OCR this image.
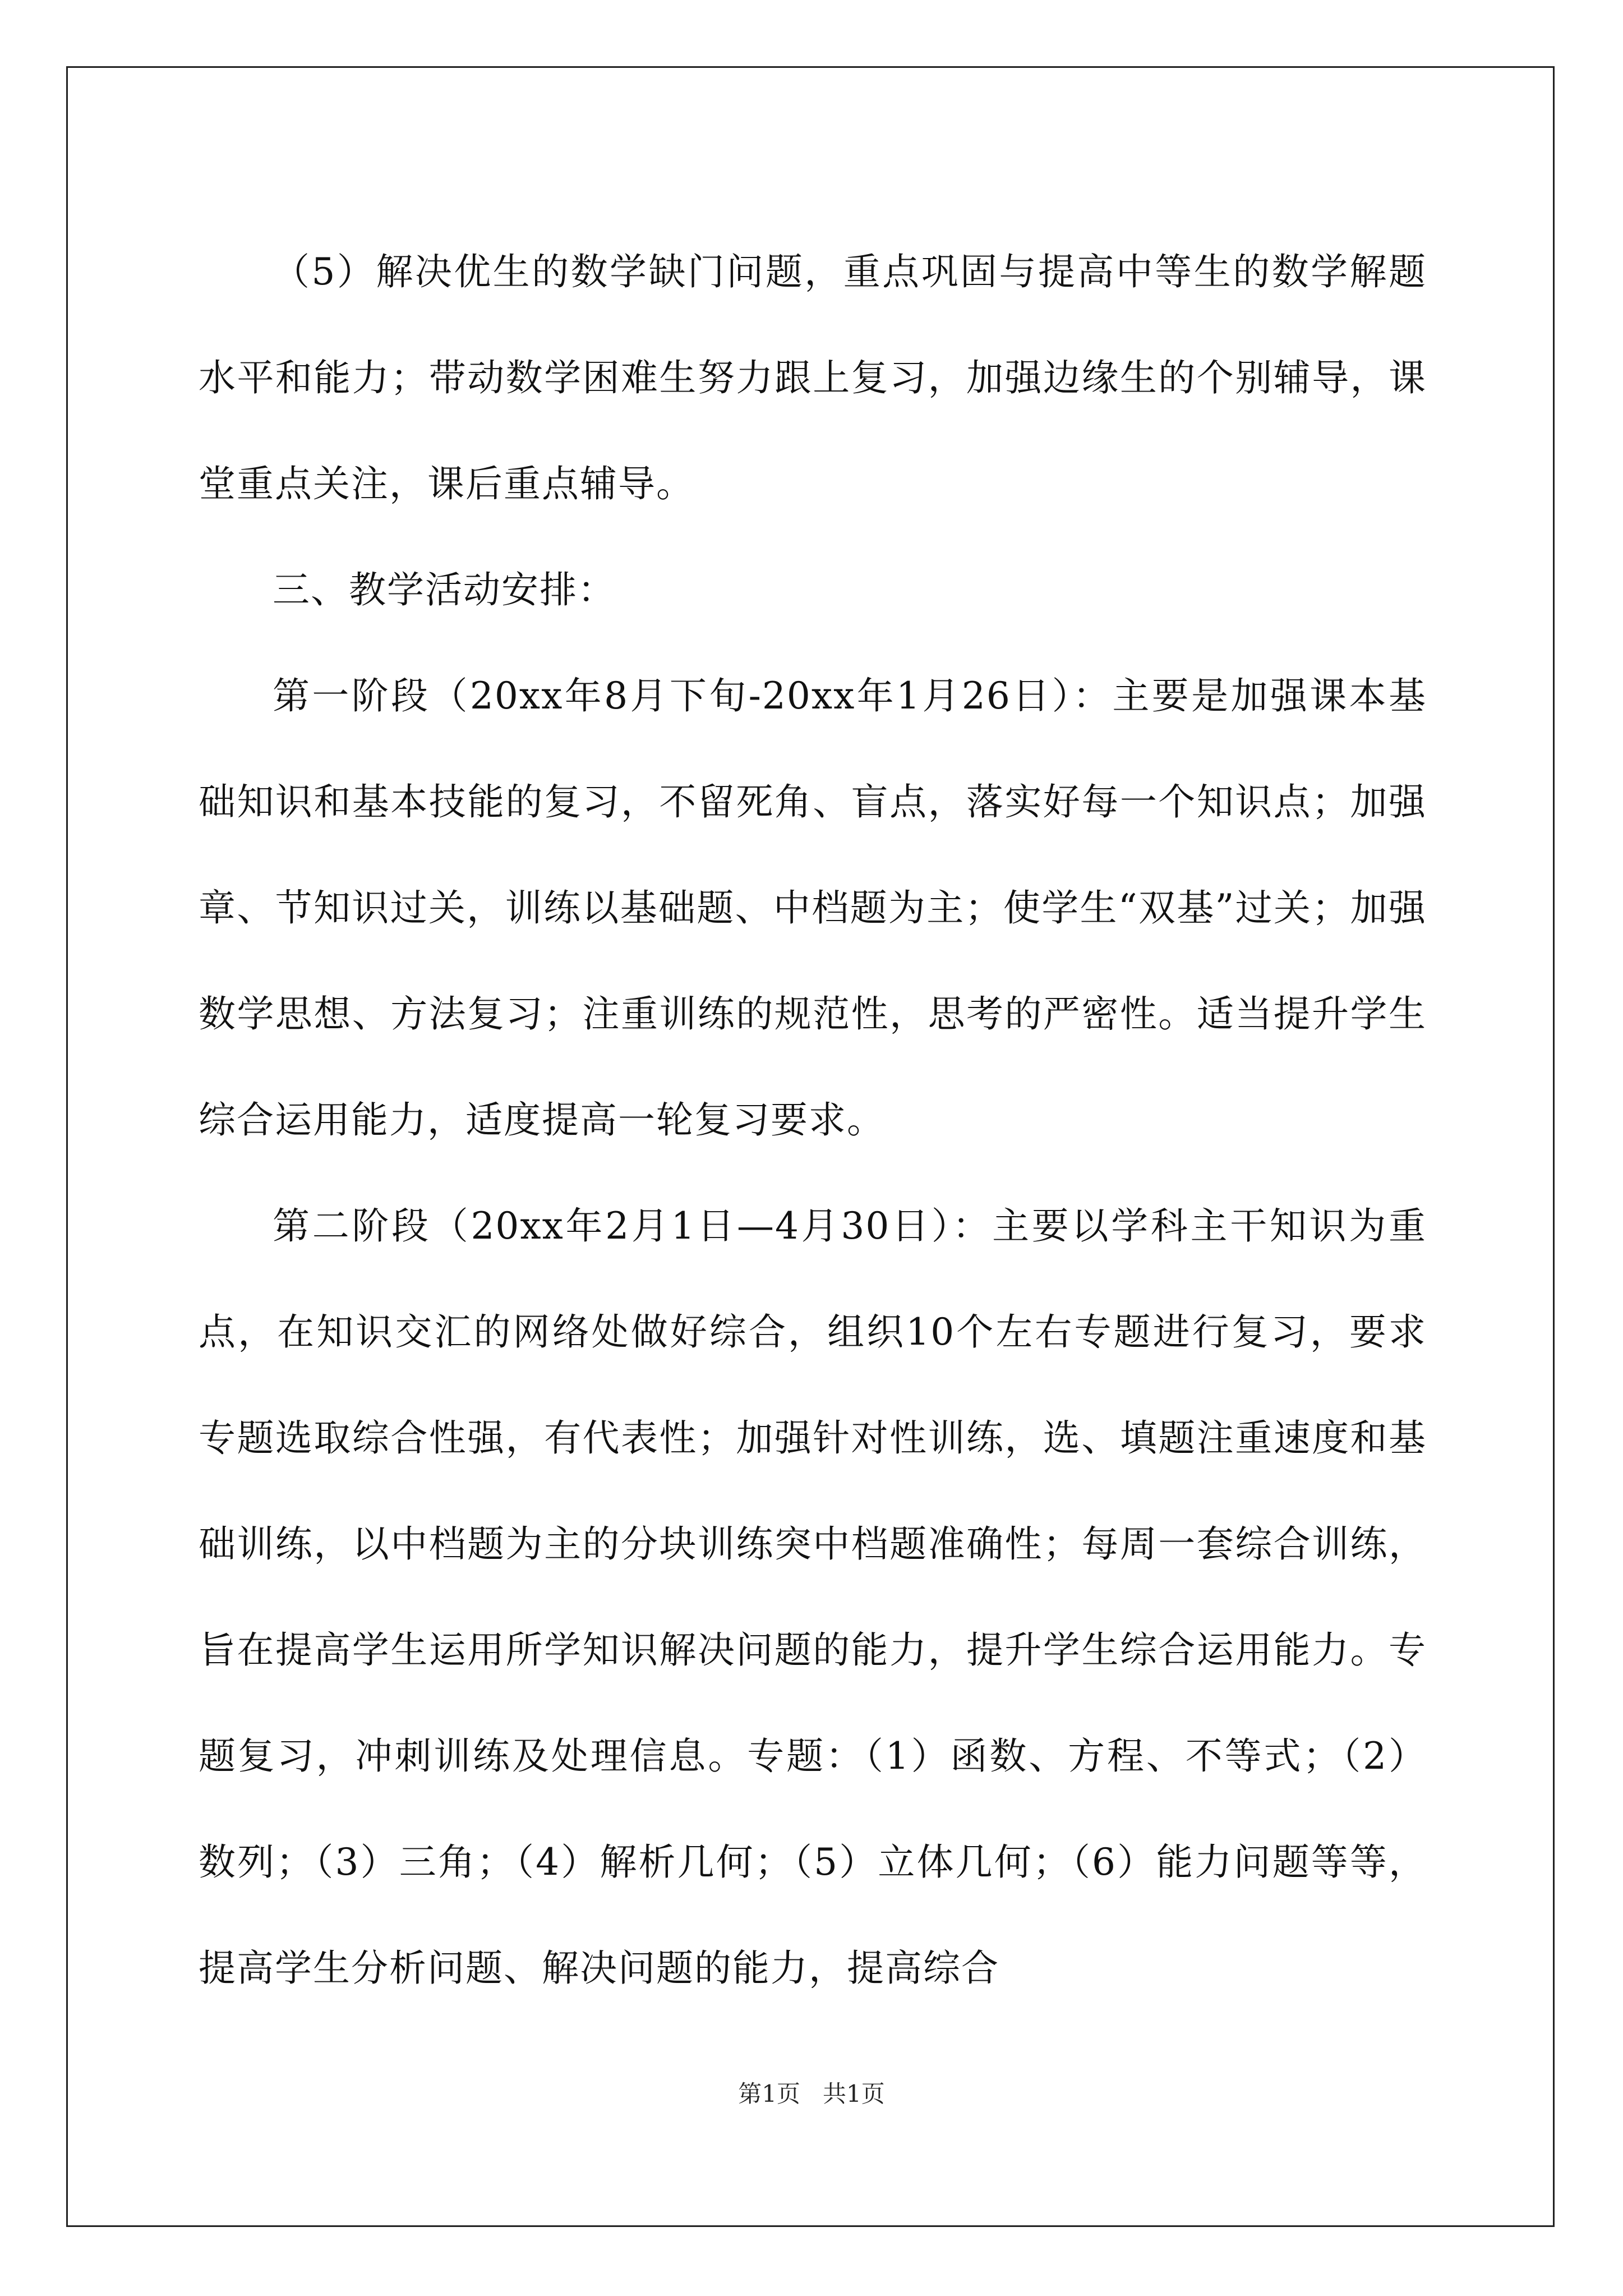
（5）解决优生的数学缺门问题，重点巩固与提高中等生的数学解题水平和能力；带动数学困难生努力跟上复习，加强边缘生的个别辅导，课堂重点关注，课后重点辅导。

三、教学活动安排：

第一阶段（20xx年8月下旬-20xx年1月26日）：主要是加强课本基础知识和基本技能的复习，不留死角、盲点，落实好每一个知识点；加强章、节知识过关，训练以基础题、中档题为主；使学生“双基”过关；加强数学思想、方法复习；注重训练的规范性，思考的严密性。适当提升学生综合运用能力，适度提高一轮复习要求。

第二阶段（20xx年2月1日—4月30日）：主要以学科主干知识为重点，在知识交汇的网络处做好综合，组织10个左右专题进行复习，要求专题选取综合性强，有代表性；加强针对性训练，选、填题注重速度和基础训练，以中档题为主的分块训练突中档题准确性；每周一套综合训练，旨在提高学生运用所学知识解决问题的能力，提升学生综合运用能力。专题复习，冲刺训练及处理信息。专题：（1）函数、方程、不等式；（2）数列；（3）三角；（4）解析几何；（5）立体几何；（6）能力问题等等，提高学生分析问题、解决问题的能力，提高综合

第1页 共1页
